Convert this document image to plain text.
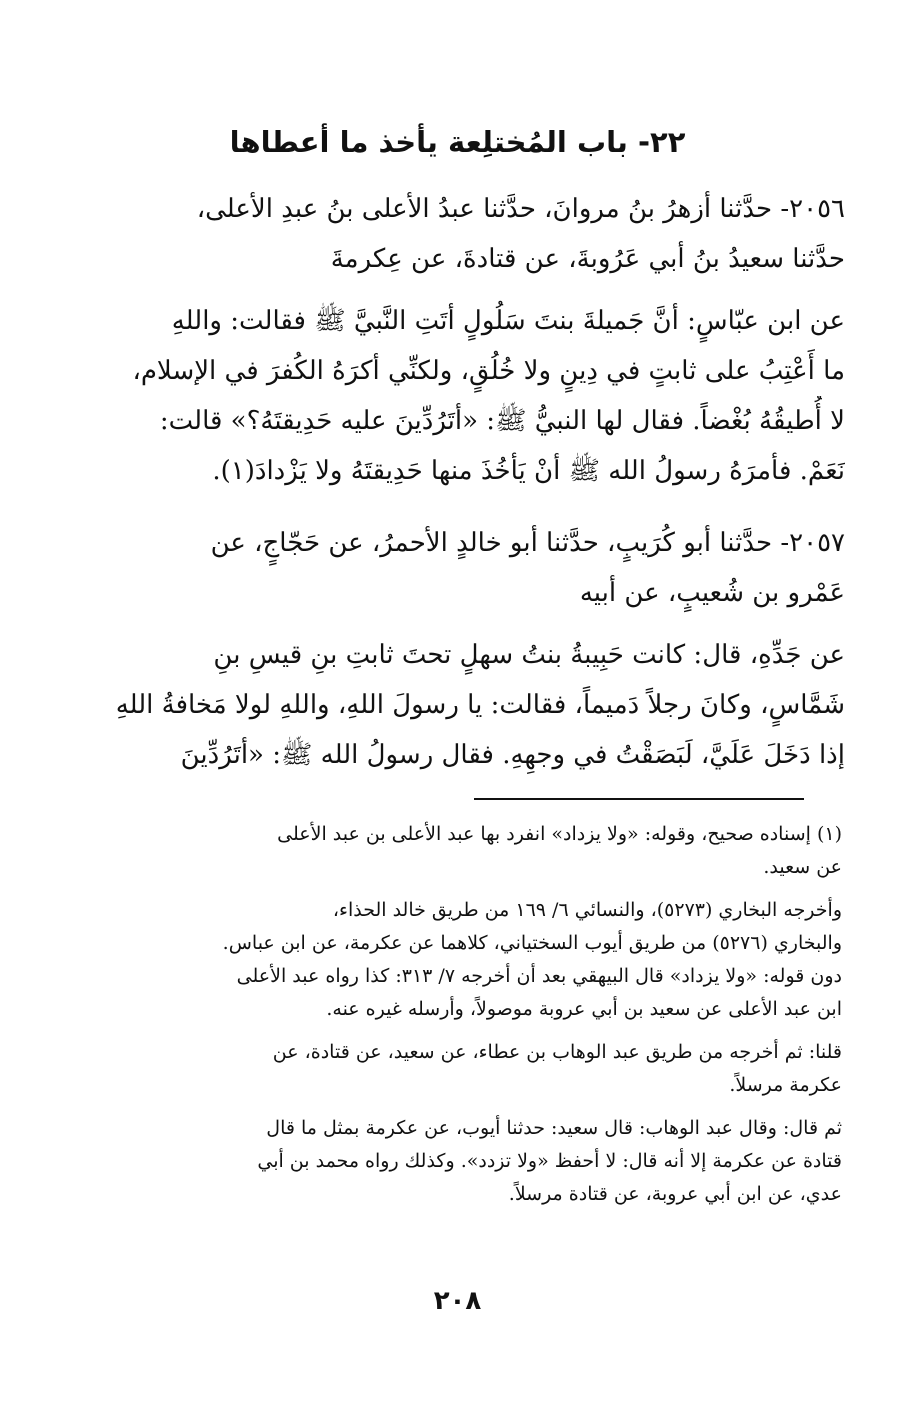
٢٢- باب المُختلِعة يأخذ ما أعطاها
٢٠٥٦- حدَّثنا أزهرُ بنُ مروانَ، حدَّثنا عبدُ الأعلى بنُ عبدِ الأعلى،
حدَّثنا سعيدُ بنُ أبي عَرُوبةَ، عن قتادةَ، عن عِكرمةَ
عن ابن عبّاسٍ: أنَّ جَميلةَ بنتَ سَلُولٍ أتَتِ النَّبيَّ ﷺ فقالت: واللهِ
ما أَعْتِبُ على ثابتٍ في دِينٍ ولا خُلُقٍ، ولكنِّي أكرَهُ الكُفرَ في الإسلام،
لا أُطيقُهُ بُغْضاً. فقال لها النبيُّ ﷺ: «أتَرُدِّينَ عليه حَدِيقتَهُ؟» قالت:
نَعَمْ. فأمرَهُ رسولُ الله ﷺ أنْ يَأخُذَ منها حَدِيقتَهُ ولا يَزْدادَ(١).
٢٠٥٧- حدَّثنا أبو كُرَيبٍ، حدَّثنا أبو خالدٍ الأحمرُ، عن حَجّاجٍ، عن
عَمْرو بن شُعيبٍ، عن أبيه
عن جَدِّهِ، قال: كانت حَبِيبةُ بنتُ سهلٍ تحتَ ثابتِ بنِ قيسِ بنِ
شَمَّاسٍ، وكانَ رجلاً دَميماً، فقالت: يا رسولَ اللهِ، واللهِ لولا مَخافةُ اللهِ
إذا دَخَلَ عَلَيَّ، لَبَصَقْتُ في وجهِهِ. فقال رسولُ الله ﷺ: «أتَرُدِّينَ
(١) إسناده صحيح، وقوله: «ولا يزداد» انفرد بها عبد الأعلى بن عبد الأعلى
عن سعيد.
وأخرجه البخاري (٥٢٧٣)، والنسائي ٦/ ١٦٩ من طريق خالد الحذاء،
والبخاري (٥٢٧٦) من طريق أيوب السختياني، كلاهما عن عكرمة، عن ابن عباس.
دون قوله: «ولا يزداد» قال البيهقي بعد أن أخرجه ٧/ ٣١٣: كذا رواه عبد الأعلى
ابن عبد الأعلى عن سعيد بن أبي عروبة موصولاً، وأرسله غيره عنه.
قلنا: ثم أخرجه من طريق عبد الوهاب بن عطاء، عن سعيد، عن قتادة، عن
عكرمة مرسلاً.
ثم قال: وقال عبد الوهاب: قال سعيد: حدثنا أيوب، عن عكرمة بمثل ما قال
قتادة عن عكرمة إلا أنه قال: لا أحفظ «ولا تزدد». وكذلك رواه محمد بن أبي
عدي، عن ابن أبي عروبة، عن قتادة مرسلاً.
٢٠٨
